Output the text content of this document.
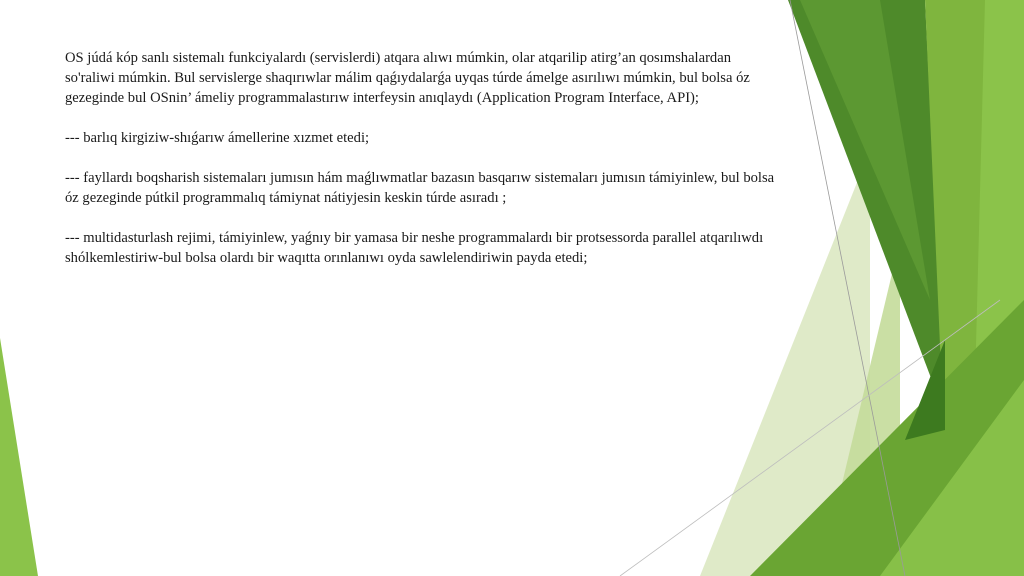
OS júdá kóp sanlı sistemalı funkciyalardı (servislerdi) atqara alıwı múmkin, olar atqarilip atirg’an qosımshalardan so'raliwi múmkin. Bul servislerge shaqırıwlar málim qaǵıydalarǵa uyqas túrde ámelge asırılıwı múmkin, bul bolsa óz gezeginde bul OSnin’ ámeliy programmalastırıw interfeysin anıqlaydı (Application Program Interface, API);

--- barlıq kirgiziw-shıǵarıw ámellerine xızmet etedi;

--- fayllardı boqsharish sistemaları jumısın hám maǵlıwmatlar bazasın basqarıw sistemaları jumısın támiyinlew, bul bolsa óz gezeginde pútkil programmalıq támiynat nátiyjesin keskin túrde asıradı ;

--- multidasturlash rejimi, támiyinlew, yaǵnıy bir yamasa bir neshe programmalardı bir protsessorda parallel atqarılıwdı shólkemlestiriw-bul bolsa olardı bir waqıtta orınlanıwı oyda sawlelendiriwin payda etedi;
